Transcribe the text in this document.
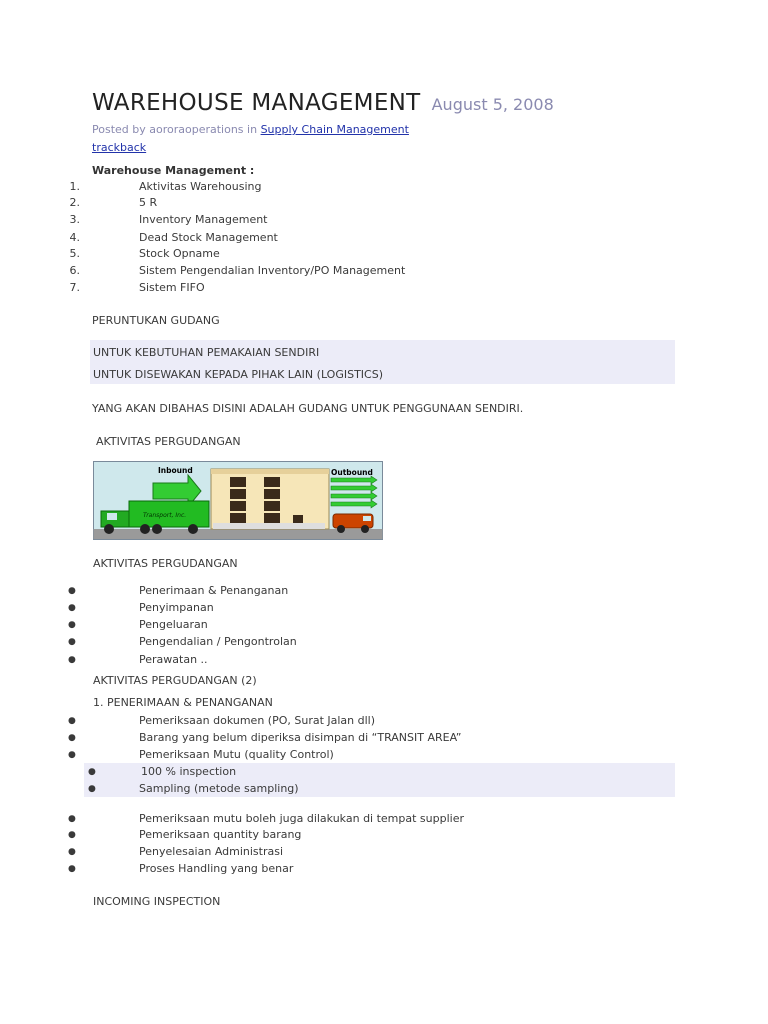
WAREHOUSE MANAGEMENT August 5, 2008
Posted by aororaoperations in Supply Chain Management
trackback
Warehouse Management :
1.	Aktivitas Warehousing
2.	5 R
3.	Inventory Management
4.	Dead Stock Management
5.	Stock Opname
6.	Sistem Pengendalian Inventory/PO Management
7.	Sistem FIFO
PERUNTUKAN GUDANG
UNTUK KEBUTUHAN PEMAKAIAN SENDIRI
UNTUK DISEWAKAN KEPADA PIHAK LAIN (LOGISTICS)
YANG AKAN DIBAHAS DISINI ADALAH GUDANG UNTUK PENGGUNAAN SENDIRI.
AKTIVITAS PERGUDANGAN
Inbound
Transport, Inc.
Outbound
AKTIVITAS PERGUDANGAN
●	Penerimaan & Penanganan
●	Penyimpanan
●	Pengeluaran
●	Pengendalian / Pengontrolan
●	Perawatan ..
AKTIVITAS PERGUDANGAN (2)
1. PENERIMAAN & PENANGANAN
●	Pemeriksaan dokumen (PO, Surat Jalan dll)
●	Barang yang belum diperiksa disimpan di “TRANSIT AREA”
●	Pemeriksaan Mutu (quality Control)
●	100 % inspection
●	Sampling (metode sampling)
●	Pemeriksaan mutu boleh juga dilakukan di tempat supplier
●	Pemeriksaan quantity barang
●	Penyelesaian Administrasi
●	Proses Handling yang benar
INCOMING INSPECTION
